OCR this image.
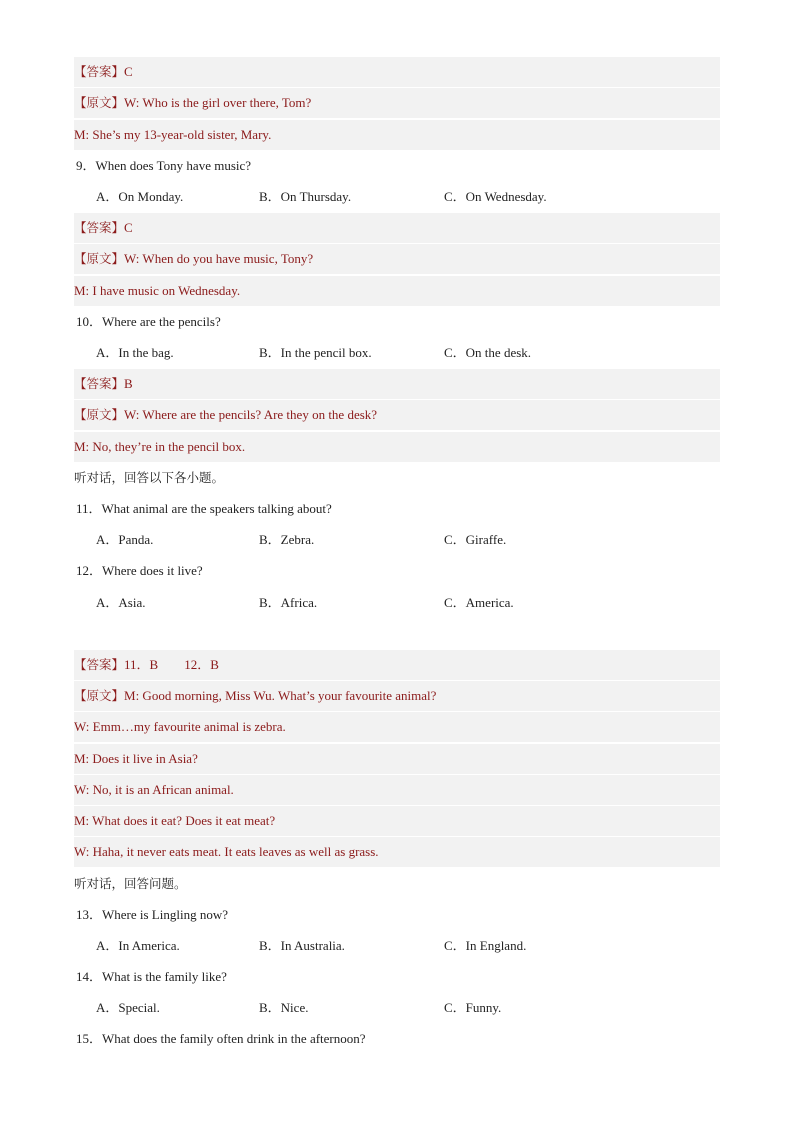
【答案】C
【原文】W: Who is the girl over there, Tom?
M: She’s my 13-year-old sister, Mary.
9．When does Tony have music?
A．On Monday.	B．On Thursday.	C．On Wednesday.
【答案】C
【原文】W: When do you have music, Tony?
M: I have music on Wednesday.
10．Where are the pencils?
A．In the bag.	B．In the pencil box.	C．On the desk.
【答案】B
【原文】W: Where are the pencils? Are they on the desk?
M: No, they’re in the pencil box.
听对话，回答以下各小题。
11．What animal are the speakers talking about?
A．Panda.	B．Zebra.	C．Giraffe.
12．Where does it live?
A．Asia.	B．Africa.	C．America.
【答案】11．B　　12．B
【原文】M: Good morning, Miss Wu. What’s your favourite animal?
W: Emm…my favourite animal is zebra.
M: Does it live in Asia?
W: No, it is an African animal.
M: What does it eat? Does it eat meat?
W: Haha, it never eats meat. It eats leaves as well as grass.
听对话，回答问题。
13．Where is Lingling now?
A．In America.	B．In Australia.	C．In England.
14．What is the family like?
A．Special.	B．Nice.	C．Funny.
15．What does the family often drink in the afternoon?
